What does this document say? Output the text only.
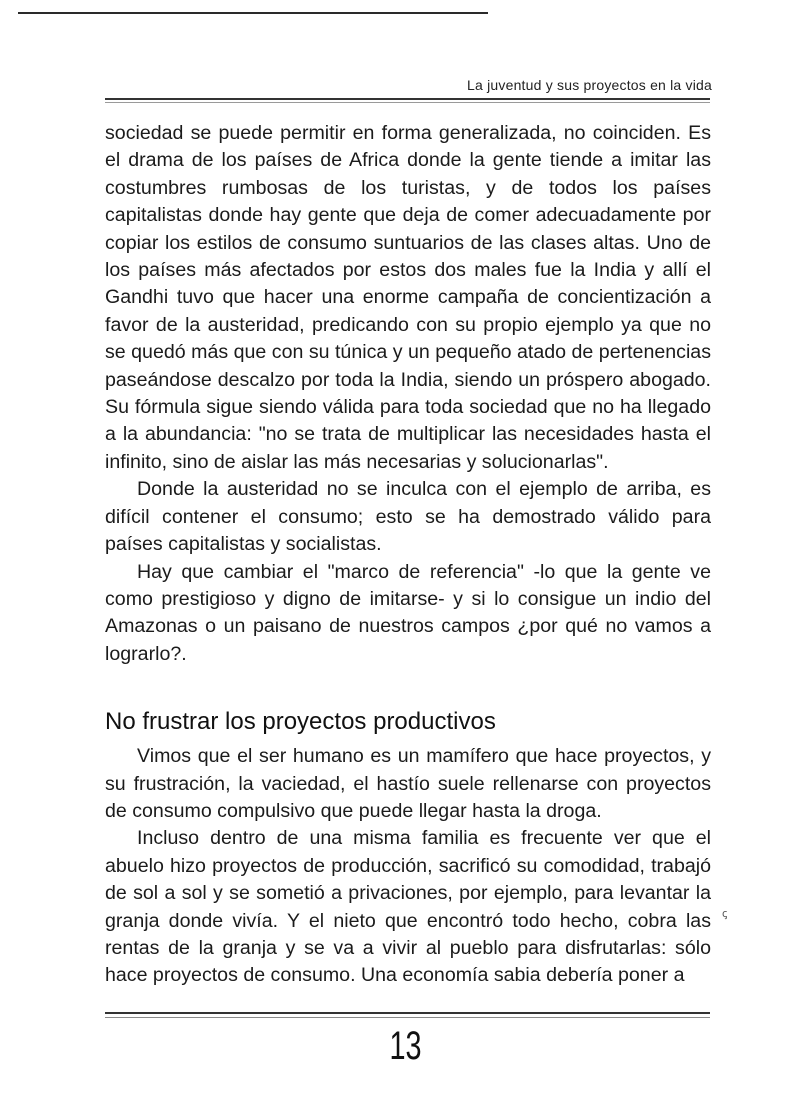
La juventud y sus proyectos en la vida

sociedad se puede permitir en forma generalizada, no coinciden. Es el drama de los países de Africa donde la gente tiende a imitar las costumbres rumbosas de los turistas, y de todos los países capitalistas donde hay gente que deja de comer adecuadamente por copiar los estilos de consumo suntuarios de las clases altas. Uno de los países más afectados por estos dos males fue la India y allí el Gandhi tuvo que hacer una enorme campaña de concientización a favor de la austeridad, predicando con su propio ejemplo ya que no se quedó más que con su túnica y un pequeño atado de pertenencias paseándose descalzo por toda la India, siendo un próspero abogado. Su fórmula sigue siendo válida para toda sociedad que no ha llegado a la abundancia: "no se trata de multiplicar las necesidades hasta el infinito, sino de aislar las más necesarias y solucionarlas".

Donde la austeridad no se inculca con el ejemplo de arriba, es difícil contener el consumo; esto se ha demostrado válido para países capitalistas y socialistas.

Hay que cambiar el "marco de referencia" -lo que la gente ve como prestigioso y digno de imitarse- y si lo consigue un indio del Amazonas o un paisano de nuestros campos ¿por qué no vamos a lograrlo?.

No frustrar los proyectos productivos

Vimos que el ser humano es un mamífero que hace proyectos, y su frustración, la vaciedad, el hastío suele rellenarse con proyectos de consumo compulsivo que puede llegar hasta la droga.

Incluso dentro de una misma familia es frecuente ver que el abuelo hizo proyectos de producción, sacrificó su comodidad, trabajó de sol a sol y se sometió a privaciones, por ejemplo, para levantar la granja donde vivía. Y el nieto que encontró todo hecho, cobra las rentas de la granja y se va a vivir al pueblo para disfrutarlas: sólo hace proyectos de consumo. Una economía sabia debería poner a

ꞔ
13
